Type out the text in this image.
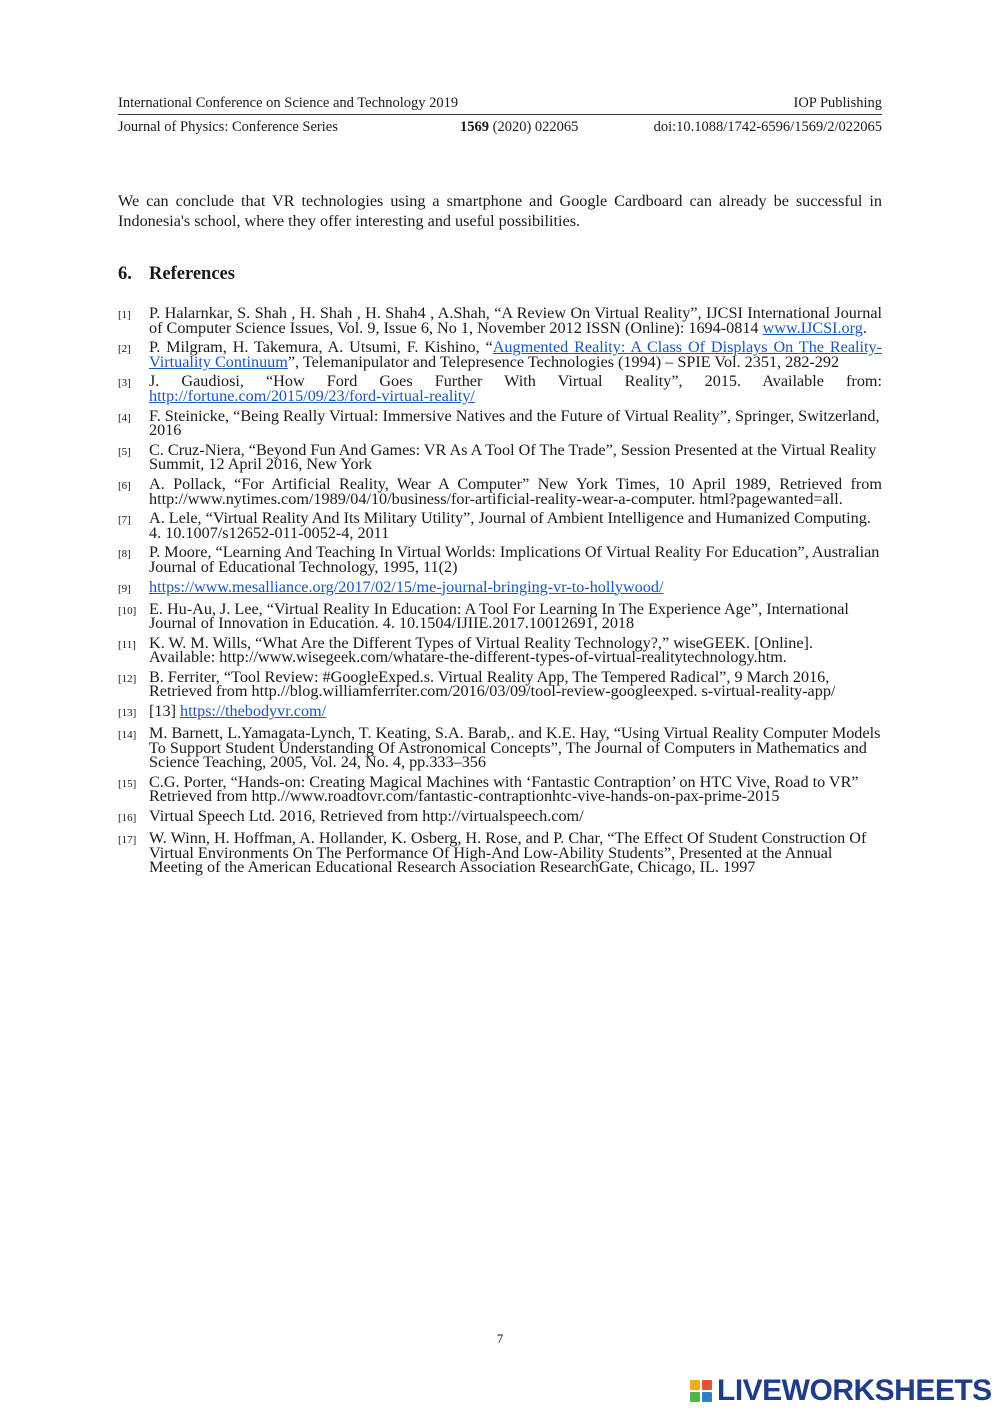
International Conference on Science and Technology 2019	IOP Publishing
Journal of Physics: Conference Series	1569 (2020) 022065	doi:10.1088/1742-6596/1569/2/022065

We can conclude that VR technologies using a smartphone and Google Cardboard can already be successful in Indonesia's school, where they offer interesting and useful possibilities.

6. References
[1]	P. Halarnkar, S. Shah , H. Shah , H. Shah4 , A.Shah, “A Review On Virtual Reality”, IJCSI International Journal of Computer Science Issues, Vol. 9, Issue 6, No 1, November 2012 ISSN (Online): 1694-0814 www.IJCSI.org.
[2]	P. Milgram, H. Takemura, A. Utsumi, F. Kishino, “Augmented Reality: A Class Of Displays On The Reality-Virtuality Continuum”, Telemanipulator and Telepresence Technologies (1994) – SPIE Vol. 2351, 282-292
[3]	J. Gaudiosi, “How Ford Goes Further With Virtual Reality”, 2015. Available from: http://fortune.com/2015/09/23/ford-virtual-reality/
[4]	F. Steinicke, “Being Really Virtual: Immersive Natives and the Future of Virtual Reality”, Springer, Switzerland, 2016
[5]	C. Cruz-Niera, “Beyond Fun And Games: VR As A Tool Of The Trade”, Session Presented at the Virtual Reality Summit, 12 April 2016, New York
[6]	A. Pollack, “For Artificial Reality, Wear A Computer” New York Times, 10 April 1989, Retrieved from http://www.nytimes.com/1989/04/10/business/for-artificial-reality-wear-a-computer. html?pagewanted=all.
[7]	A. Lele, “Virtual Reality And Its Military Utility”, Journal of Ambient Intelligence and Humanized Computing. 4. 10.1007/s12652-011-0052-4, 2011
[8]	P. Moore, “Learning And Teaching In Virtual Worlds: Implications Of Virtual Reality For Education”, Australian Journal of Educational Technology, 1995, 11(2)
[9]	https://www.mesalliance.org/2017/02/15/me-journal-bringing-vr-to-hollywood/
[10] E. Hu-Au, J. Lee, “Virtual Reality In Education: A Tool For Learning In The Experience Age”, International Journal of Innovation in Education. 4. 10.1504/IJIIE.2017.10012691, 2018
[11] K. W. M. Wills, “What Are the Different Types of Virtual Reality Technology?,” wiseGEEK. [Online]. Available: http://www.wisegeek.com/whatare-the-different-types-of-virtual-realitytechnology.htm.
[12] B. Ferriter, “Tool Review: #GoogleExped.s. Virtual Reality App, The Tempered Radical”, 9 March 2016, Retrieved from http.//blog.williamferriter.com/2016/03/09/tool-review-googleexped. s-virtual-reality-app/
[13] [13] https://thebodyvr.com/
[14] M. Barnett, L.Yamagata-Lynch, T. Keating, S.A. Barab,. and K.E. Hay, “Using Virtual Reality Computer Models To Support Student Understanding Of Astronomical Concepts”, The Journal of Computers in Mathematics and Science Teaching, 2005, Vol. 24, No. 4, pp.333–356
[15] C.G. Porter, “Hands-on: Creating Magical Machines with ‘Fantastic Contraption’ on HTC Vive, Road to VR” Retrieved from http.//www.roadtovr.com/fantastic-contraptionhtc-vive-hands-on-pax-prime-2015
[16] Virtual Speech Ltd. 2016, Retrieved from http://virtualspeech.com/
[17] W. Winn, H. Hoffman, A. Hollander, K. Osberg, H. Rose, and P. Char, “The Effect Of Student Construction Of Virtual Environments On The Performance Of High-And Low-Ability Students”, Presented at the Annual Meeting of the American Educational Research Association ResearchGate, Chicago, IL. 1997
7
LIVEWORKSHEETS
